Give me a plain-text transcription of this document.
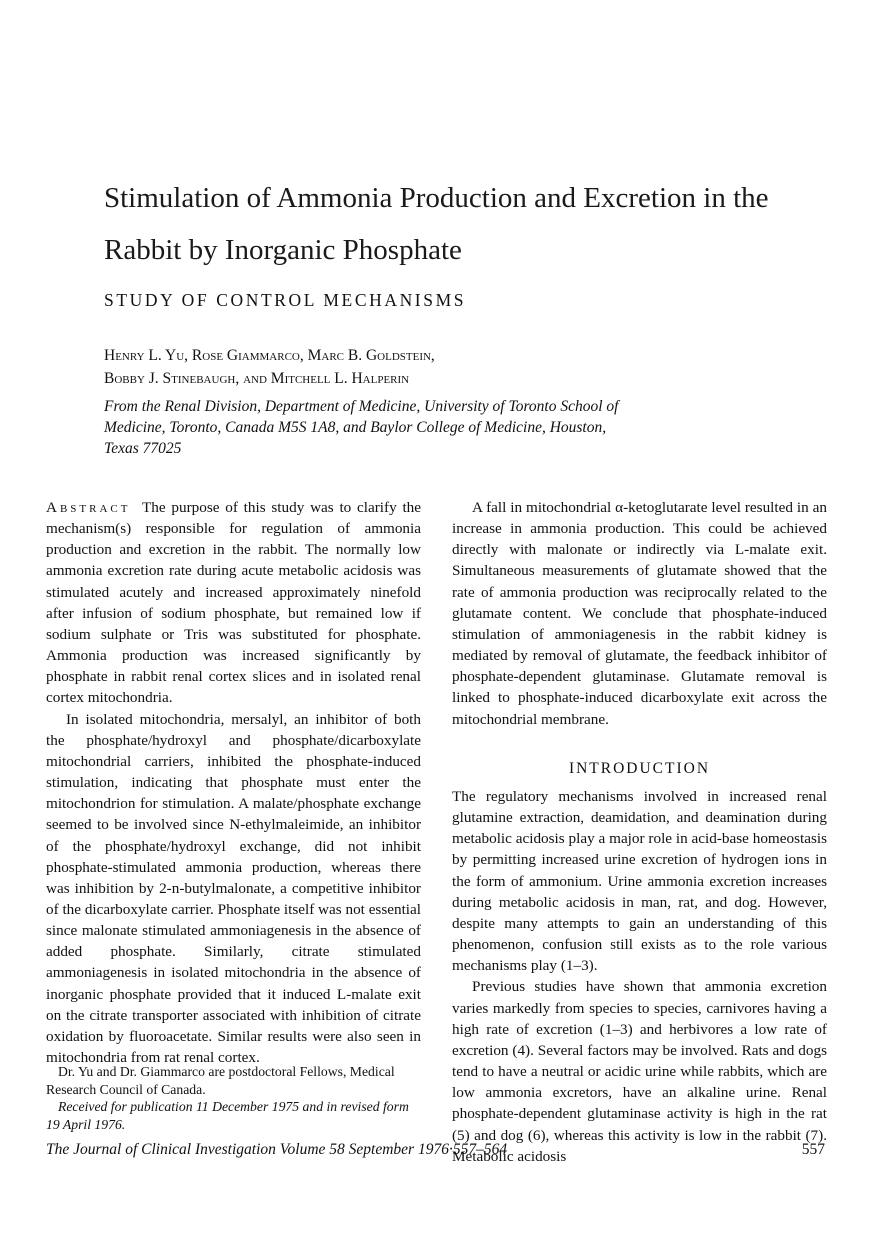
Stimulation of Ammonia Production and Excretion in the Rabbit by Inorganic Phosphate
STUDY OF CONTROL MECHANISMS
Henry L. Yu, Rose Giammarco, Marc B. Goldstein,
Bobby J. Stinebaugh, and Mitchell L. Halperin
From the Renal Division, Department of Medicine, University of Toronto School of Medicine, Toronto, Canada M5S 1A8, and Baylor College of Medicine, Houston, Texas 77025

Abstract The purpose of this study was to clarify the mechanism(s) responsible for regulation of ammonia production and excretion in the rabbit. The normally low ammonia excretion rate during acute metabolic acidosis was stimulated acutely and increased approximately ninefold after infusion of sodium phosphate, but remained low if sodium sulphate or Tris was substituted for phosphate. Ammonia production was increased significantly by phosphate in rabbit renal cortex slices and in isolated renal cortex mitochondria.

In isolated mitochondria, mersalyl, an inhibitor of both the phosphate/hydroxyl and phosphate/dicarboxylate mitochondrial carriers, inhibited the phosphate-induced stimulation, indicating that phosphate must enter the mitochondrion for stimulation. A malate/phosphate exchange seemed to be involved since N-ethylmaleimide, an inhibitor of the phosphate/hydroxyl exchange, did not inhibit phosphate-stimulated ammonia production, whereas there was inhibition by 2-n-butylmalonate, a competitive inhibitor of the dicarboxylate carrier. Phosphate itself was not essential since malonate stimulated ammoniagenesis in the absence of added phosphate. Similarly, citrate stimulated ammoniagenesis in isolated mitochondria in the absence of inorganic phosphate provided that it induced L-malate exit on the citrate transporter associated with inhibition of citrate oxidation by fluoroacetate. Similar results were also seen in mitochondria from rat renal cortex.

A fall in mitochondrial α-ketoglutarate level resulted in an increase in ammonia production. This could be achieved directly with malonate or indirectly via L-malate exit. Simultaneous measurements of glutamate showed that the rate of ammonia production was reciprocally related to the glutamate content. We conclude that phosphate-induced stimulation of ammoniagenesis in the rabbit kidney is mediated by removal of glutamate, the feedback inhibitor of phosphate-dependent glutaminase. Glutamate removal is linked to phosphate-induced dicarboxylate exit across the mitochondrial membrane.

INTRODUCTION

The regulatory mechanisms involved in increased renal glutamine extraction, deamidation, and deamination during metabolic acidosis play a major role in acid-base homeostasis by permitting increased urine excretion of hydrogen ions in the form of ammonium. Urine ammonia excretion increases during metabolic acidosis in man, rat, and dog. However, despite many attempts to gain an understanding of this phenomenon, confusion still exists as to the role various mechanisms play (1–3).

Previous studies have shown that ammonia excretion varies markedly from species to species, carnivores having a high rate of excretion (1–3) and herbivores a low rate of excretion (4). Several factors may be involved. Rats and dogs tend to have a neutral or acidic urine while rabbits, which are low ammonia excretors, have an alkaline urine. Renal phosphate-dependent glutaminase activity is high in the rat (5) and dog (6), whereas this activity is low in the rabbit (7). Metabolic acidosis

Dr. Yu and Dr. Giammarco are postdoctoral Fellows, Medical Research Council of Canada.

Received for publication 11 December 1975 and in revised form 19 April 1976.

The Journal of Clinical Investigation Volume 58 September 1976·557–564	557
